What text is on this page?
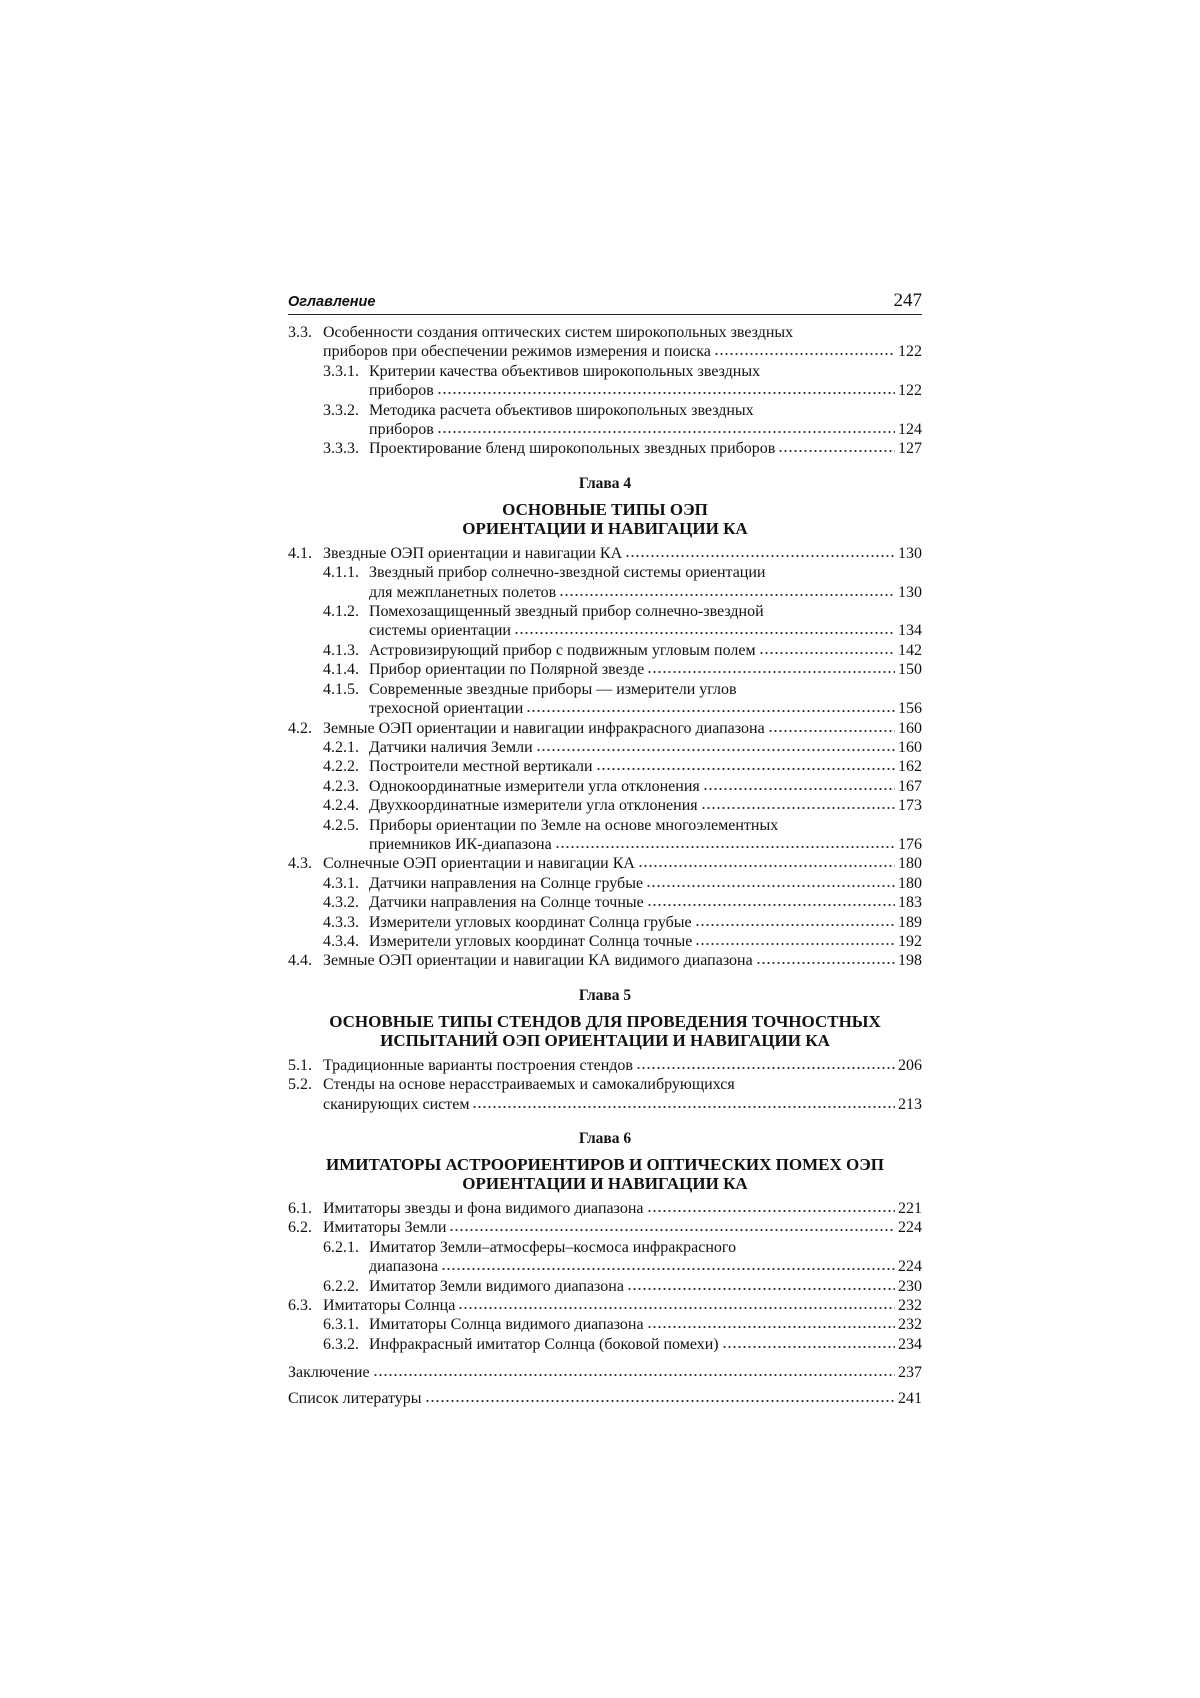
Оглавление	247
3.3. Особенности создания оптических систем широкопольных звездных
приборов при обеспечении режимов измерения и поиска	122
3.3.1. Критерии качества объективов широкопольных звездных
приборов	122
3.3.2. Методика расчета объективов широкопольных звездных
приборов	124
3.3.3. Проектирование бленд широкопольных звездных приборов	127
Глава 4
ОСНОВНЫЕ ТИПЫ ОЭП
ОРИЕНТАЦИИ И НАВИГАЦИИ КА
4.1. Звездные ОЭП ориентации и навигации КА	130
4.1.1. Звездный прибор солнечно-звездной системы ориентации
для межпланетных полетов	130
4.1.2. Помехозащищенный звездный прибор солнечно-звездной
системы ориентации	134
4.1.3. Астровизирующий прибор с подвижным угловым полем	142
4.1.4. Прибор ориентации по Полярной звезде	150
4.1.5. Современные звездные приборы — измерители углов
трехосной ориентации	156
4.2. Земные ОЭП ориентации и навигации инфракрасного диапазона	160
4.2.1. Датчики наличия Земли	160
4.2.2. Построители местной вертикали	162
4.2.3. Однокоординатные измерители угла отклонения	167
4.2.4. Двухкоординатные измерители угла отклонения	173
4.2.5. Приборы ориентации по Земле на основе многоэлементных
приемников ИК-диапазона	176
4.3. Солнечные ОЭП ориентации и навигации КА	180
4.3.1. Датчики направления на Солнце грубые	180
4.3.2. Датчики направления на Солнце точные	183
4.3.3. Измерители угловых координат Солнца грубые	189
4.3.4. Измерители угловых координат Солнца точные	192
4.4. Земные ОЭП ориентации и навигации КА видимого диапазона	198
Глава 5
ОСНОВНЫЕ ТИПЫ СТЕНДОВ ДЛЯ ПРОВЕДЕНИЯ ТОЧНОСТНЫХ
ИСПЫТАНИЙ ОЭП ОРИЕНТАЦИИ И НАВИГАЦИИ КА
5.1. Традиционные варианты построения стендов	206
5.2. Стенды на основе нерасстраиваемых и самокалибрующихся
сканирующих систем	213
Глава 6
ИМИТАТОРЫ АСТРООРИЕНТИРОВ И ОПТИЧЕСКИХ ПОМЕХ ОЭП
ОРИЕНТАЦИИ И НАВИГАЦИИ КА
6.1. Имитаторы звезды и фона видимого диапазона	221
6.2. Имитаторы Земли	224
6.2.1. Имитатор Земли–атмосферы–космоса инфракрасного
диапазона	224
6.2.2. Имитатор Земли видимого диапазона	230
6.3. Имитаторы Солнца	232
6.3.1. Имитаторы Солнца видимого диапазона	232
6.3.2. Инфракрасный имитатор Солнца (боковой помехи)	234
Заключение	237
Список литературы	241
